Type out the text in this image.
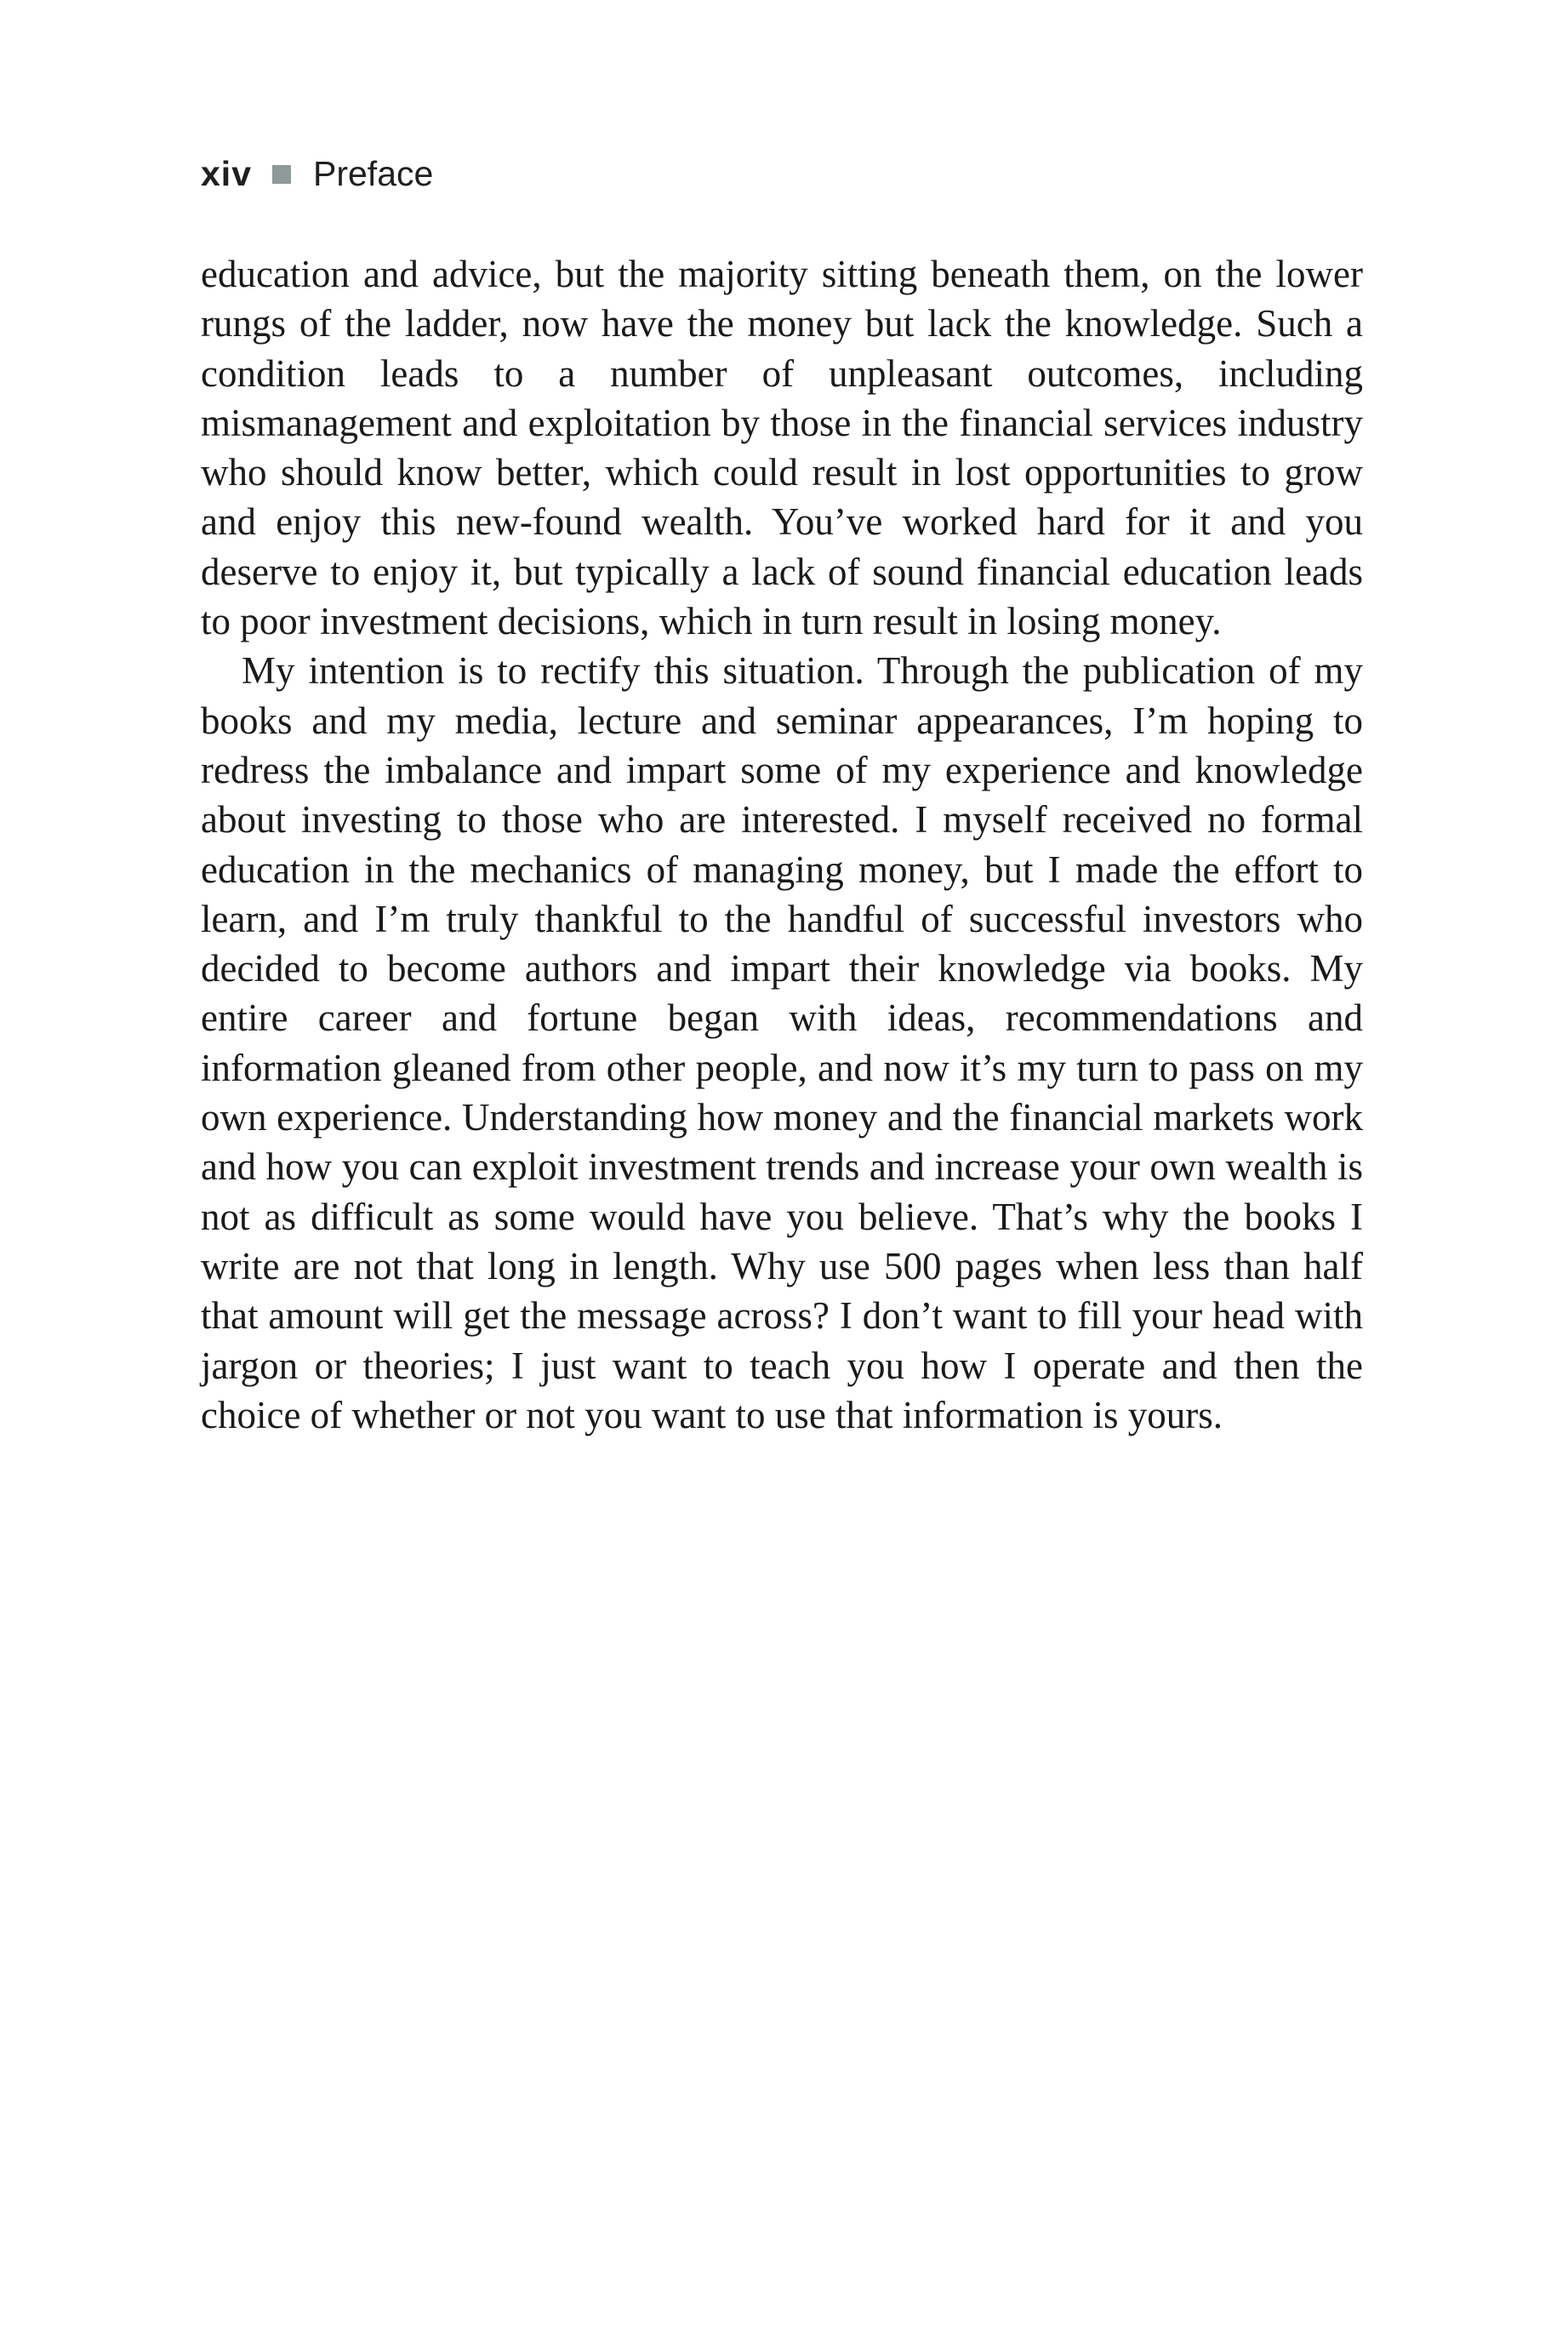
xiv Preface

education and advice, but the majority sitting beneath them, on the lower rungs of the ladder, now have the money but lack the knowledge. Such a condition leads to a number of unpleasant outcomes, including mismanagement and exploitation by those in the financial services industry who should know better, which could result in lost opportunities to grow and enjoy this new-found wealth. You’ve worked hard for it and you deserve to enjoy it, but typically a lack of sound financial education leads to poor investment decisions, which in turn result in losing money.

My intention is to rectify this situation. Through the publication of my books and my media, lecture and seminar appearances, I’m hoping to redress the imbalance and impart some of my experience and knowledge about investing to those who are interested. I myself received no formal education in the mechanics of managing money, but I made the effort to learn, and I’m truly thankful to the handful of successful investors who decided to become authors and impart their knowledge via books. My entire career and fortune began with ideas, recommendations and information gleaned from other people, and now it’s my turn to pass on my own experience. Understanding how money and the financial markets work and how you can exploit investment trends and increase your own wealth is not as difficult as some would have you believe. That’s why the books I write are not that long in length. Why use 500 pages when less than half that amount will get the message across? I don’t want to fill your head with jargon or theories; I just want to teach you how I operate and then the choice of whether or not you want to use that information is yours.
